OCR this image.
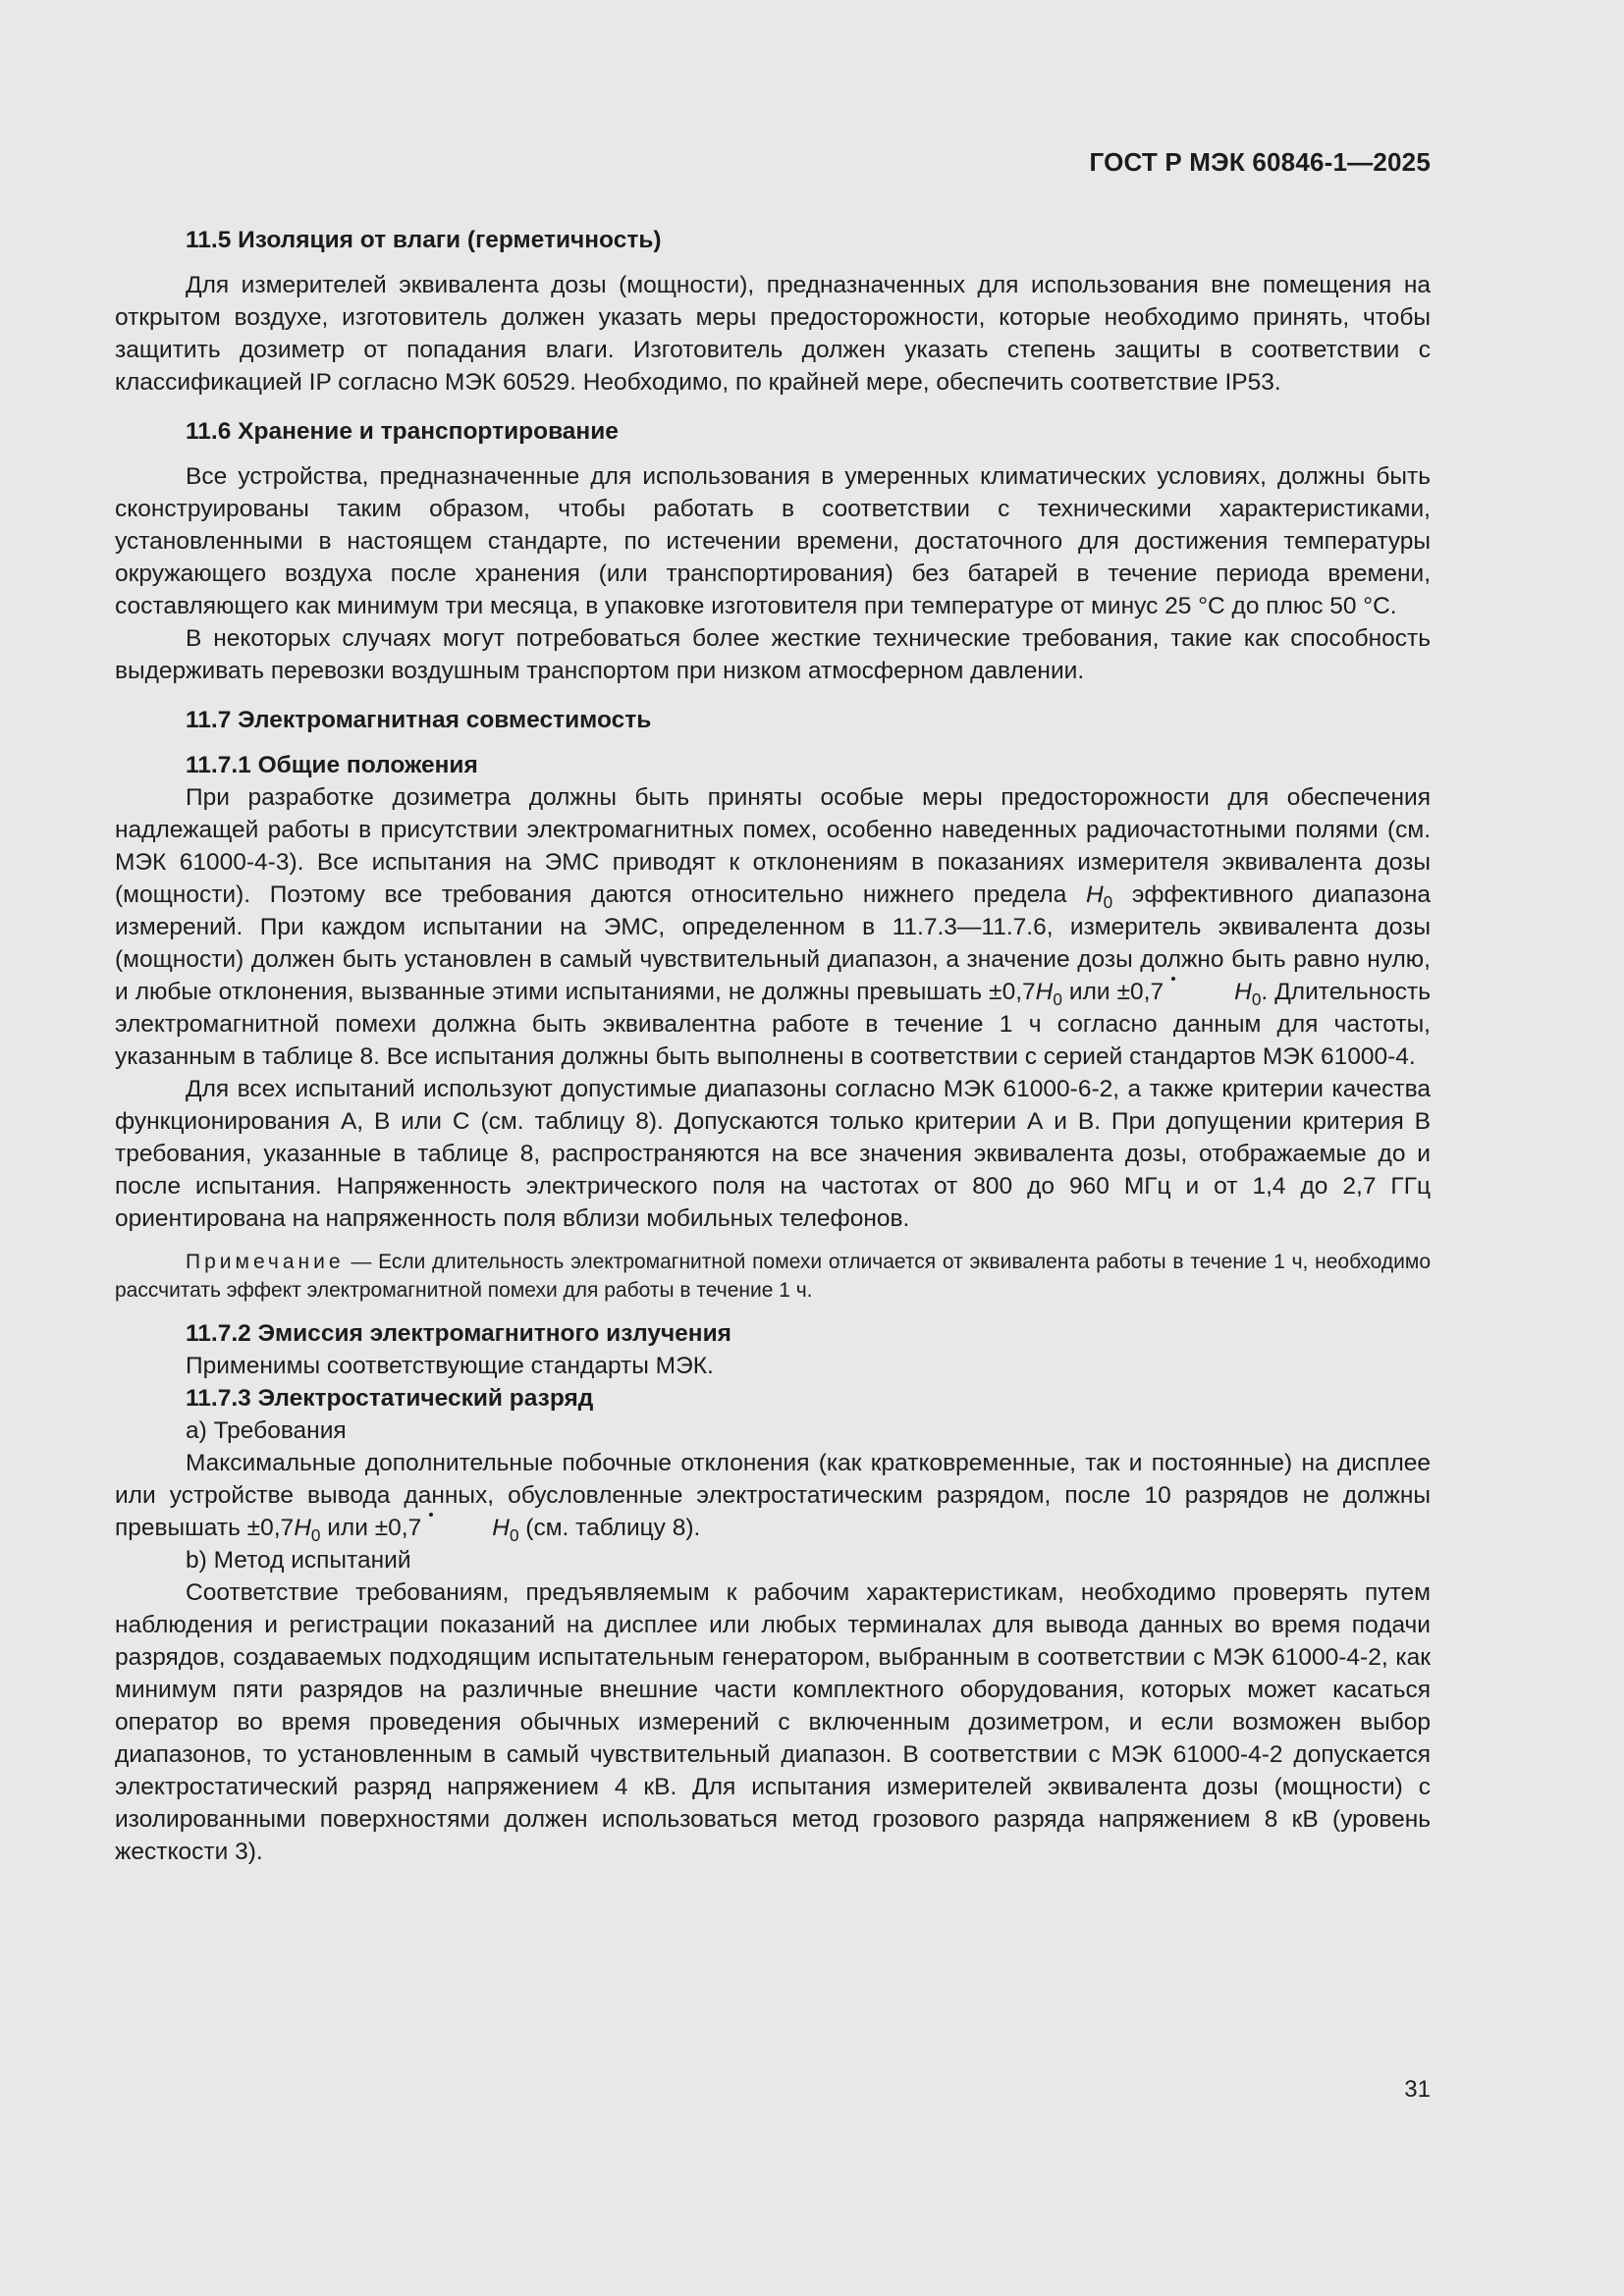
ГОСТ Р МЭК 60846-1—2025

11.5 Изоляция от влаги (герметичность)

Для измерителей эквивалента дозы (мощности), предназначенных для использования вне помещения на открытом воздухе, изготовитель должен указать меры предосторожности, которые необходимо принять, чтобы защитить дозиметр от попадания влаги. Изготовитель должен указать степень защиты в соответствии с классификацией IP согласно МЭК 60529. Необходимо, по крайней мере, обеспечить соответствие IP53.

11.6 Хранение и транспортирование

Все устройства, предназначенные для использования в умеренных климатических условиях, должны быть сконструированы таким образом, чтобы работать в соответствии с техническими характеристиками, установленными в настоящем стандарте, по истечении времени, достаточного для достижения температуры окружающего воздуха после хранения (или транспортирования) без батарей в течение периода времени, составляющего как минимум три месяца, в упаковке изготовителя при температуре от минус 25 °С до плюс 50 °С.

В некоторых случаях могут потребоваться более жесткие технические требования, такие как способность выдерживать перевозки воздушным транспортом при низком атмосферном давлении.

11.7 Электромагнитная совместимость

11.7.1 Общие положения

При разработке дозиметра должны быть приняты особые меры предосторожности для обеспечения надлежащей работы в присутствии электромагнитных помех, особенно наведенных радиочастотными полями (см. МЭК 61000-4-3). Все испытания на ЭМС приводят к отклонениям в показаниях измерителя эквивалента дозы (мощности). Поэтому все требования даются относительно нижнего предела $H_0$ эффективного диапазона измерений. При каждом испытании на ЭМС, определенном в 11.7.3—11.7.6, измеритель эквивалента дозы (мощности) должен быть установлен в самый чувствительный диапазон, а значение дозы должно быть равно нулю, и любые отклонения, вызванные этими испытаниями, не должны превышать $\pm 0,7H_0$ или ±0,7	$H_0$. Длительность электромагнитной помехи должна быть эквивалентна работе в течение 1 ч согласно данным для частоты, указанным в таблице 8. Все испытания должны быть выполнены в соответствии с серией стандартов МЭК 61000-4.

Для всех испытаний используют допустимые диапазоны согласно МЭК 61000-6-2, а также критерии качества функционирования А, В или С (см. таблицу 8). Допускаются только критерии А и В. При допущении критерия В требования, указанные в таблице 8, распространяются на все значения эквивалента дозы, отображаемые до и после испытания. Напряженность электрического поля на частотах от 800 до 960 МГц и от 1,4 до 2,7 ГГц ориентирована на напряженность поля вблизи мобильных телефонов.

Примечание — Если длительность электромагнитной помехи отличается от эквивалента работы в течение 1 ч, необходимо рассчитать эффект электромагнитной помехи для работы в течение 1 ч.

11.7.2 Эмиссия электромагнитного излучения

Применимы соответствующие стандарты МЭК.

11.7.3 Электростатический разряд

a) Требования

Максимальные дополнительные побочные отклонения (как кратковременные, так и постоянные) на дисплее или устройстве вывода данных, обусловленные электростатическим разрядом, после 10 разрядов не должны превышать $\pm 0,7H_0$ или ±0,7	$H_0$ (см. таблицу 8).

b) Метод испытаний

Соответствие требованиям, предъявляемым к рабочим характеристикам, необходимо проверять путем наблюдения и регистрации показаний на дисплее или любых терминалах для вывода данных во время подачи разрядов, создаваемых подходящим испытательным генератором, выбранным в соответствии с МЭК 61000-4-2, как минимум пяти разрядов на различные внешние части комплектного оборудования, которых может касаться оператор во время проведения обычных измерений с включенным дозиметром, и если возможен выбор диапазонов, то установленным в самый чувствительный диапазон. В соответствии с МЭК 61000-4-2 допускается электростатический разряд напряжением 4 кВ. Для испытания измерителей эквивалента дозы (мощности) с изолированными поверхностями должен использоваться метод грозового разряда напряжением 8 кВ (уровень жесткости 3).

31
